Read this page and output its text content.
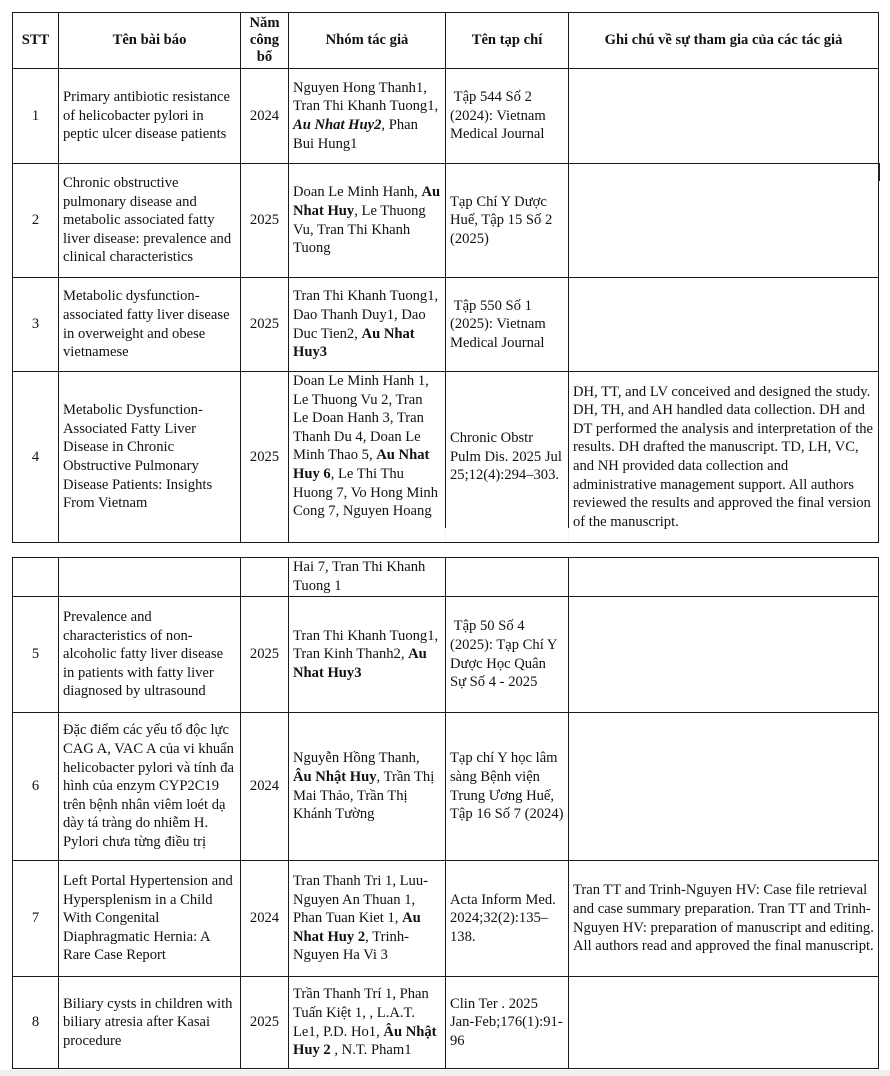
STT	Tên bài báo	Năm công bố	Nhóm tác giả	Tên tạp chí	Ghi chú về sự tham gia của các tác giả
1	Primary antibiotic resistance of helicobacter pylori in peptic ulcer disease patients	2024	Nguyen Hong Thanh1, Tran Thi Khanh Tuong1, Au Nhat Huy2, Phan Bui Hung1	Tập 544 Số 2 (2024): Vietnam Medical Journal	
2	Chronic obstructive pulmonary disease and metabolic associated fatty liver disease: prevalence and clinical characteristics	2025	Doan Le Minh Hanh, Au Nhat Huy, Le Thuong Vu, Tran Thi Khanh Tuong	Tạp Chí Y Dược Huế, Tập 15 Số 2 (2025)	
3	Metabolic dysfunction-associated fatty liver disease in overweight and obese vietnamese	2025	Tran Thi Khanh Tuong1, Dao Thanh Duy1, Dao Duc Tien2, Au Nhat Huy3	Tập 550 Số 1 (2025): Vietnam Medical Journal	
4	Metabolic Dysfunction-Associated Fatty Liver Disease in Chronic Obstructive Pulmonary Disease Patients: Insights From Vietnam	2025	Doan Le Minh Hanh 1, Le Thuong Vu 2, Tran Le Doan Hanh 3, Tran Thanh Du 4, Doan Le Minh Thao 5, Au Nhat Huy 6, Le Thi Thu Huong 7, Vo Hong Minh Cong 7, Nguyen Hoang	Chronic Obstr Pulm Dis. 2025 Jul 25;12(4):294–303.	DH, TT, and LV conceived and designed the study. DH, TH, and AH handled data collection. DH and DT performed the analysis and interpretation of the results. DH drafted the manuscript. TD, LH, VC, and NH provided data collection and administrative management support. All authors reviewed the results and approved the final version of the manuscript.
			Hai 7, Tran Thi Khanh Tuong 1		
5	Prevalence and characteristics of non-alcoholic fatty liver disease in patients with fatty liver diagnosed by ultrasound	2025	Tran Thi Khanh Tuong1,  Tran Kinh Thanh2, Au Nhat Huy3	Tập 50 Số 4 (2025): Tạp Chí Y Dược Học Quân Sự Số 4 - 2025	
6	Đặc điểm các yếu tố độc lực CAG A, VAC A của vi khuẩn helicobacter pylori và tính đa hình của enzym CYP2C19 trên bệnh nhân viêm loét dạ dày tá tràng do nhiễm H. Pylori chưa từng điều trị	2024	Nguyễn Hồng Thanh, Âu Nhật Huy, Trần Thị Mai Thảo, Trần Thị Khánh Tường	Tạp chí Y học lâm sàng Bệnh viện Trung Ương Huế, Tập 16 Số 7 (2024)	
7	Left Portal Hypertension and Hypersplenism in a Child With Congenital Diaphragmatic Hernia: A Rare Case Report	2024	Tran Thanh Tri 1, Luu-Nguyen An Thuan 1, Phan Tuan Kiet 1, Au Nhat Huy 2, Trinh-Nguyen Ha Vi 3	Acta Inform Med. 2024;32(2):135–138.	Tran TT and Trinh-Nguyen HV: Case file retrieval and case summary preparation. Tran TT and Trinh-Nguyen HV: preparation of manuscript and editing. All authors read and approved the final manuscript.
8	Biliary cysts in children with biliary atresia after Kasai procedure	2025	Trần Thanh Trí 1, Phan Tuấn Kiệt 1, , L.A.T. Le1, P.D. Ho1, Âu Nhật Huy 2 , N.T. Pham1	Clin Ter . 2025 Jan-Feb;176(1):91-96	
